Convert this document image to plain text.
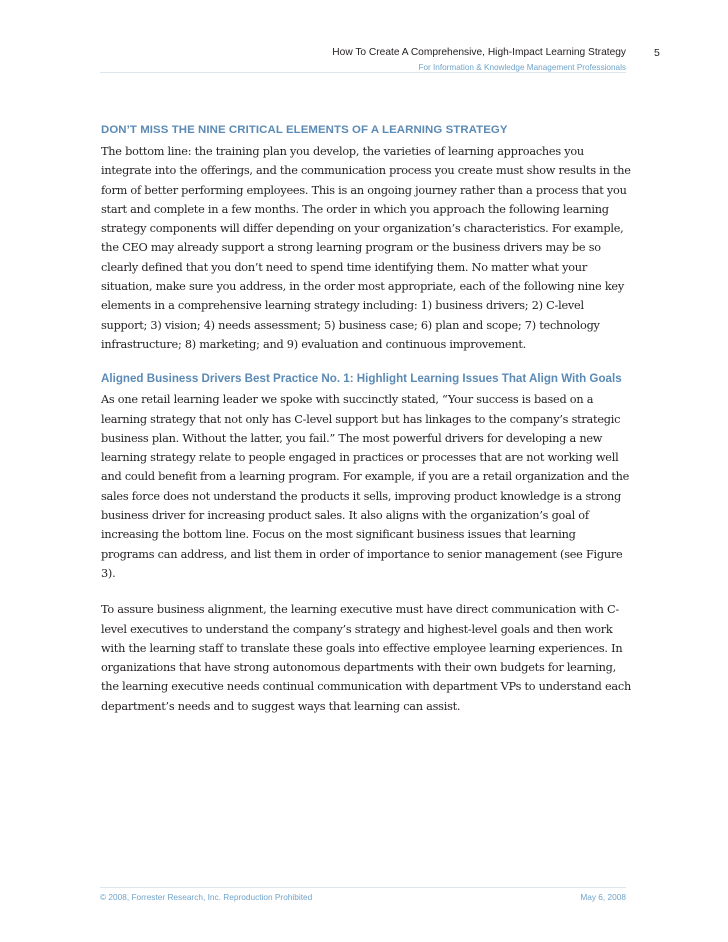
How To Create A Comprehensive, High-Impact Learning Strategy
For Information & Knowledge Management Professionals
5
DON’T MISS THE NINE CRITICAL ELEMENTS OF A LEARNING STRATEGY

The bottom line: the training plan you develop, the varieties of learning approaches you integrate into the offerings, and the communication process you create must show results in the form of better performing employees. This is an ongoing journey rather than a process that you start and complete in a few months. The order in which you approach the following learning strategy components will differ depending on your organization’s characteristics. For example, the CEO may already support a strong learning program or the business drivers may be so clearly defined that you don’t need to spend time identifying them. No matter what your situation, make sure you address, in the order most appropriate, each of the following nine key elements in a comprehensive learning strategy including: 1) business drivers; 2) C-level support; 3) vision; 4) needs assessment; 5) business case; 6) plan and scope; 7) technology infrastructure; 8) marketing; and 9) evaluation and continuous improvement.

Aligned Business Drivers Best Practice No. 1: Highlight Learning Issues That Align With Goals

As one retail learning leader we spoke with succinctly stated, “Your success is based on a learning strategy that not only has C-level support but has linkages to the company’s strategic business plan. Without the latter, you fail.” The most powerful drivers for developing a new learning strategy relate to people engaged in practices or processes that are not working well and could benefit from a learning program. For example, if you are a retail organization and the sales force does not understand the products it sells, improving product knowledge is a strong business driver for increasing product sales. It also aligns with the organization’s goal of increasing the bottom line. Focus on the most significant business issues that learning programs can address, and list them in order of importance to senior management (see Figure 3).

To assure business alignment, the learning executive must have direct communication with C-level executives to understand the company’s strategy and highest-level goals and then work with the learning staff to translate these goals into effective employee learning experiences. In organizations that have strong autonomous departments with their own budgets for learning, the learning executive needs continual communication with department VPs to understand each department’s needs and to suggest ways that learning can assist.

© 2008, Forrester Research, Inc. Reproduction Prohibited	May 6, 2008
